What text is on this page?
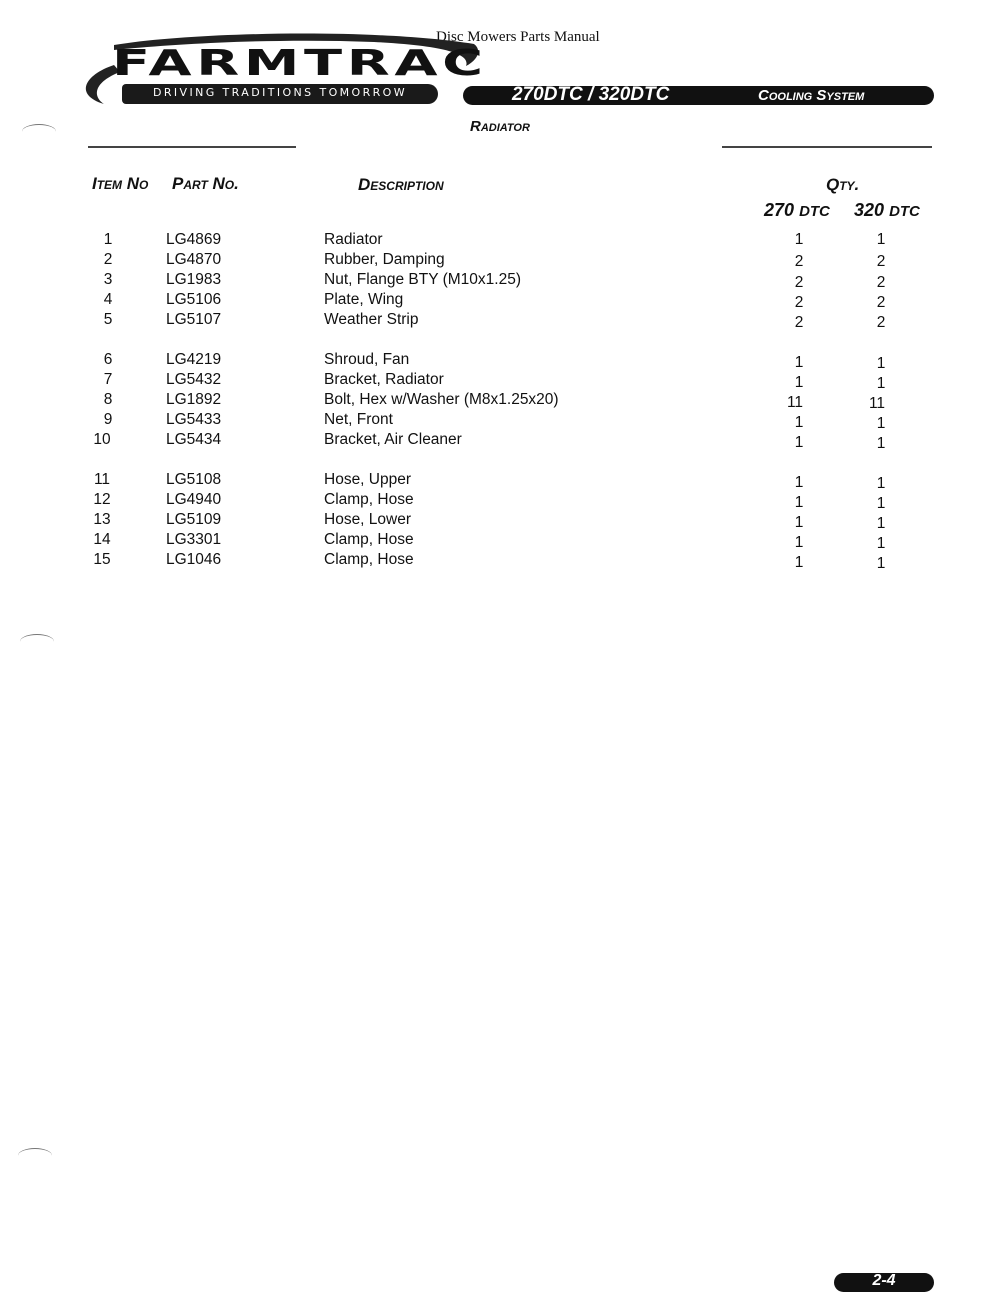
Disc Mowers Parts Manual
FARMTRAC
DRIVING TRADITIONS TOMORROW	270DTC / 320DTC	Cooling System
Radiator
Item No Part No.	Description	Qty.
270 DTC 320 DTC
1	LG4869	Radiator	1	1
2	LG4870	Rubber, Damping	2	2
3	LG1983	Nut, Flange BTY (M10x1.25)	2	2
4	LG5106	Plate, Wing	2	2
5	LG5107	Weather Strip	2	2
6	LG4219	Shroud, Fan	1	1
7	LG5432	Bracket, Radiator	1	1
8	LG1892	Bolt, Hex w/Washer (M8x1.25x20)	11	11
9	LG5433	Net, Front	1	1
10	LG5434	Bracket, Air Cleaner	1	1
11	LG5108	Hose, Upper	1	1
12	LG4940	Clamp, Hose	1	1
13	LG5109	Hose, Lower	1	1
14	LG3301	Clamp, Hose	1	1
15	LG1046	Clamp, Hose	1	1
2-4
